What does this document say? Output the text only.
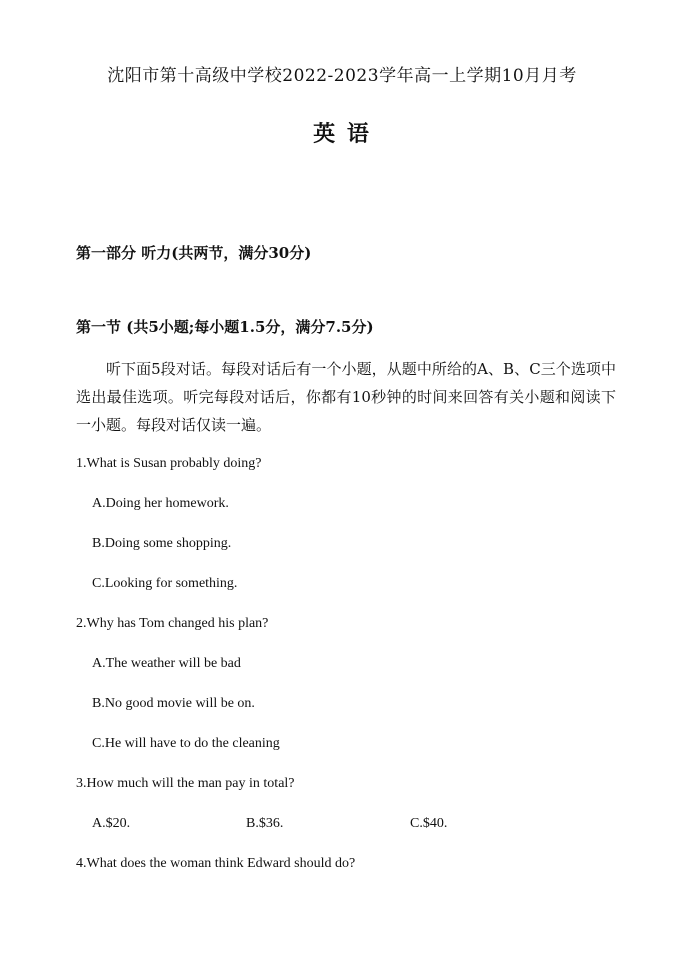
沈阳市第十高级中学校2022-2023学年高一上学期10月月考
英 语
第一部分 听力(共两节，满分30分)
第一节 (共5小题;每小题1.5分，满分7.5分)
听下面5段对话。每段对话后有一个小题，从题中所给的A、B、C三个选项中选出最佳选项。听完每段对话后，你都有10秒钟的时间来回答有关小题和阅读下一小题。每段对话仅读一遍。
1.What is Susan probably doing?
A.Doing her homework.
B.Doing some shopping.
C.Looking for something.
2.Why has Tom changed his plan?
A.The weather will be bad
B.No good movie will be on.
C.He will have to do the cleaning
3.How much will the man pay in total?
A.$20.	B.$36.	C.$40.
4.What does the woman think Edward should do?
